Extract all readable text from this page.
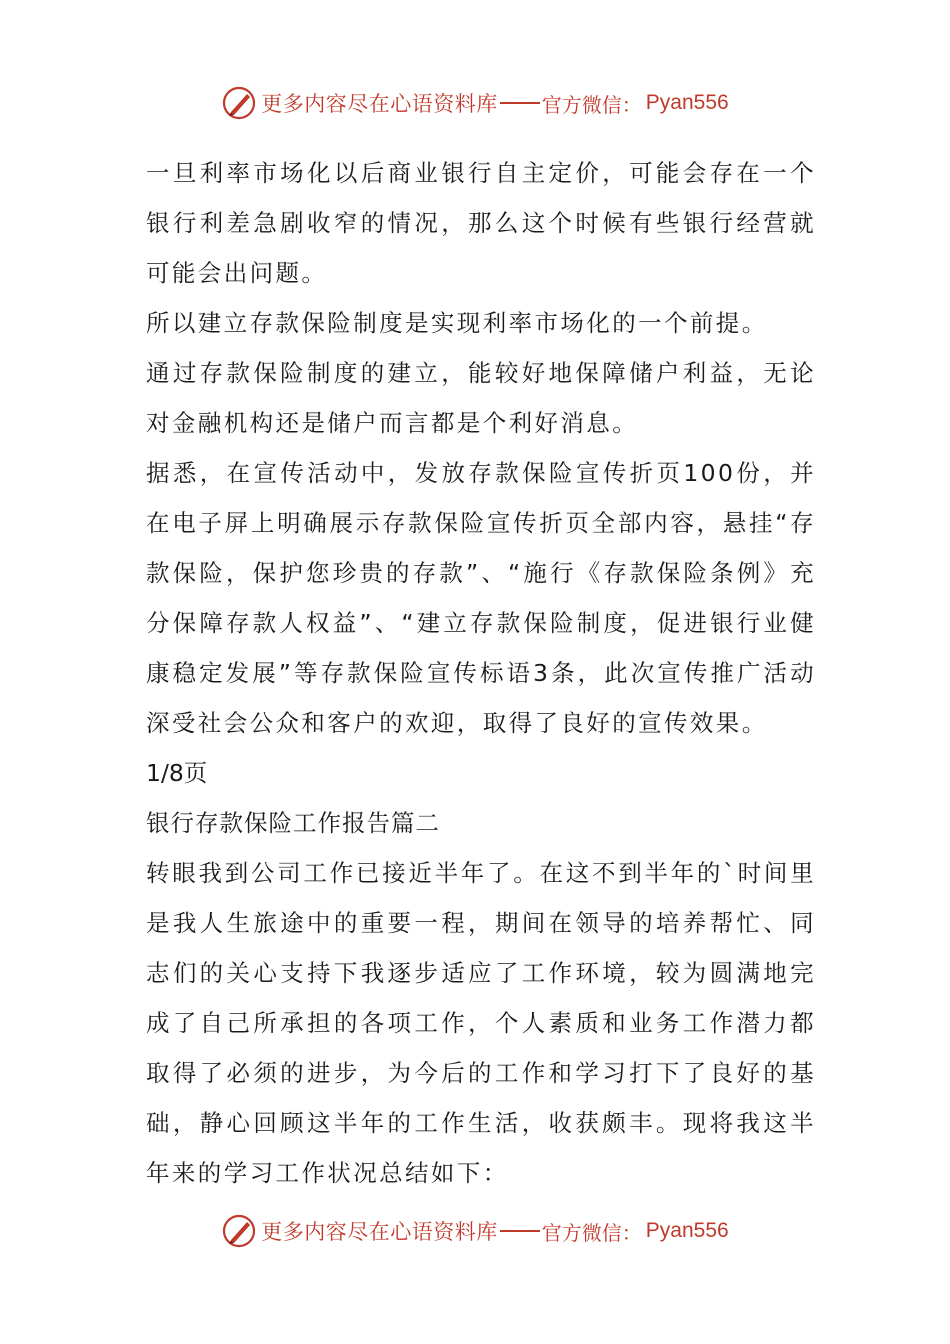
更多内容尽在心语资料库 官方微信： Pyan556

一旦利率市场化以后商业银行自主定价，可能会存在一个银行利差急剧收窄的情况，那么这个时候有些银行经营就可能会出问题。

所以建立存款保险制度是实现利率市场化的一个前提。

通过存款保险制度的建立，能较好地保障储户利益，无论对金融机构还是储户而言都是个利好消息。

据悉，在宣传活动中，发放存款保险宣传折页100份，并在电子屏上明确展示存款保险宣传折页全部内容，悬挂“存款保险，保护您珍贵的存款”、“施行《存款保险条例》充分保障存款人权益”、“建立存款保险制度，促进银行业健康稳定发展”等存款保险宣传标语3条，此次宣传推广活动深受社会公众和客户的欢迎，取得了良好的宣传效果。

1/8页

银行存款保险工作报告篇二

转眼我到公司工作已接近半年了。在这不到半年的`时间里是我人生旅途中的重要一程，期间在领导的培养帮忙、同志们的关心支持下我逐步适应了工作环境，较为圆满地完成了自己所承担的各项工作，个人素质和业务工作潜力都取得了必须的进步，为今后的工作和学习打下了良好的基础，静心回顾这半年的工作生活，收获颇丰。现将我这半年来的学习工作状况总结如下：

更多内容尽在心语资料库 官方微信： Pyan556
